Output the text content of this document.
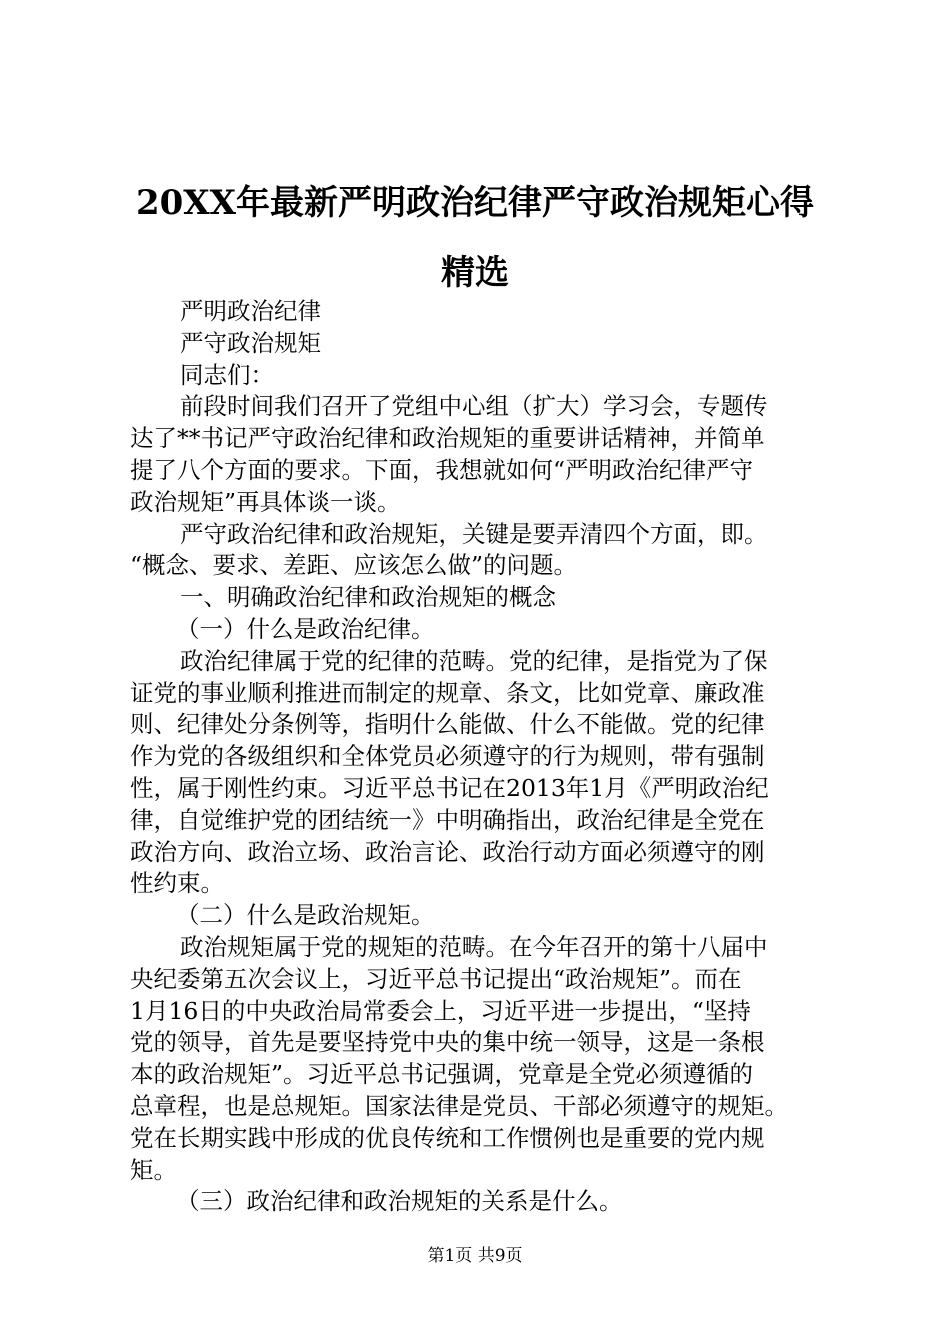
20XX年最新严明政治纪律严守政治规矩心得
精选
严明政治纪律
严守政治规矩
同志们：
前段时间我们召开了党组中心组（扩大）学习会，专题传
达了**书记严守政治纪律和政治规矩的重要讲话精神，并简单
提了八个方面的要求。下面，我想就如何“严明政治纪律严守
政治规矩”再具体谈一谈。
严守政治纪律和政治规矩，关键是要弄清四个方面，即。
“概念、要求、差距、应该怎么做”的问题。
一、明确政治纪律和政治规矩的概念
（一）什么是政治纪律。
政治纪律属于党的纪律的范畴。党的纪律，是指党为了保
证党的事业顺利推进而制定的规章、条文，比如党章、廉政准
则、纪律处分条例等，指明什么能做、什么不能做。党的纪律
作为党的各级组织和全体党员必须遵守的行为规则，带有强制
性，属于刚性约束。习近平总书记在2013年1月《严明政治纪
律，自觉维护党的团结统一》中明确指出，政治纪律是全党在
政治方向、政治立场、政治言论、政治行动方面必须遵守的刚
性约束。
（二）什么是政治规矩。
政治规矩属于党的规矩的范畴。在今年召开的第十八届中
央纪委第五次会议上，习近平总书记提出“政治规矩”。而在
1月16日的中央政治局常委会上，习近平进一步提出，“坚持
党的领导，首先是要坚持党中央的集中统一领导，这是一条根
本的政治规矩”。习近平总书记强调，党章是全党必须遵循的
总章程，也是总规矩。国家法律是党员、干部必须遵守的规矩。
党在长期实践中形成的优良传统和工作惯例也是重要的党内规
矩。
（三）政治纪律和政治规矩的关系是什么。
第1页 共9页
